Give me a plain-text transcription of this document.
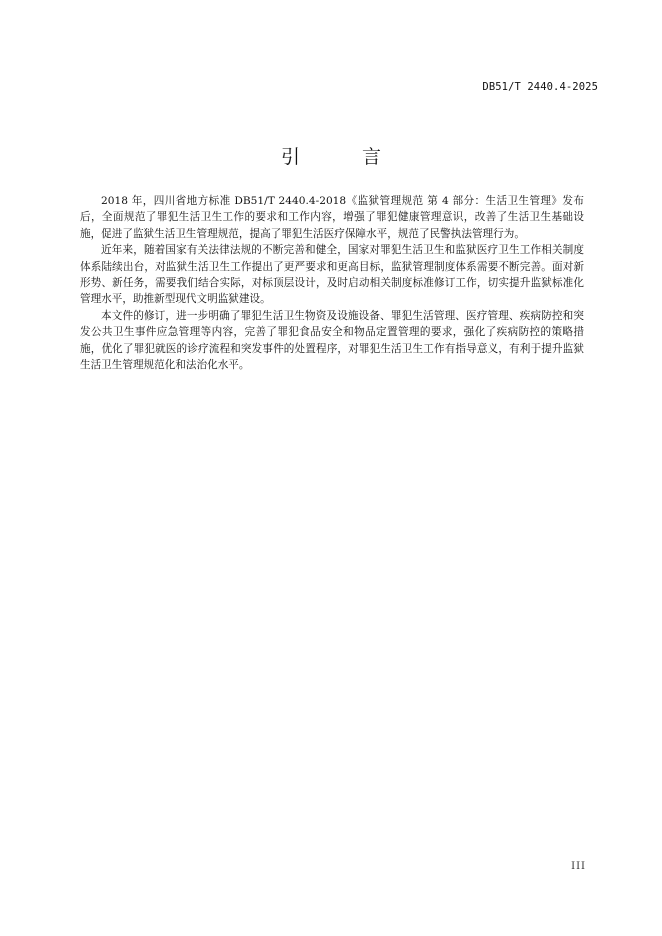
DB51/T 2440.4-2025
引 言

2018 年，四川省地方标准 DB51/T 2440.4-2018《监狱管理规范 第 4 部分：生活卫生管理》发布后，全面规范了罪犯生活卫生工作的要求和工作内容，增强了罪犯健康管理意识，改善了生活卫生基础设施，促进了监狱生活卫生管理规范，提高了罪犯生活医疗保障水平，规范了民警执法管理行为。

近年来，随着国家有关法律法规的不断完善和健全，国家对罪犯生活卫生和监狱医疗卫生工作相关制度体系陆续出台，对监狱生活卫生工作提出了更严要求和更高目标，监狱管理制度体系需要不断完善。面对新形势、新任务，需要我们结合实际，对标顶层设计，及时启动相关制度标准修订工作，切实提升监狱标准化管理水平，助推新型现代文明监狱建设。

本文件的修订，进一步明确了罪犯生活卫生物资及设施设备、罪犯生活管理、医疗管理、疾病防控和突发公共卫生事件应急管理等内容，完善了罪犯食品安全和物品定置管理的要求，强化了疾病防控的策略措施，优化了罪犯就医的诊疗流程和突发事件的处置程序，对罪犯生活卫生工作有指导意义，有利于提升监狱生活卫生管理规范化和法治化水平。

III
